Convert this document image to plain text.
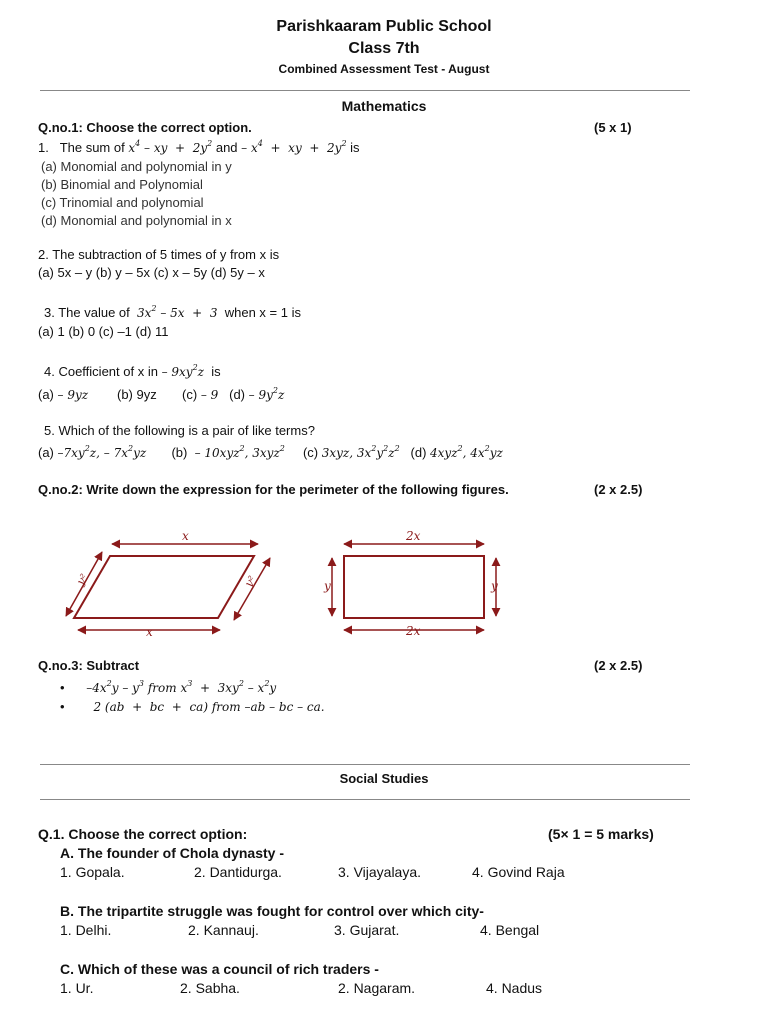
Parishkaaram Public School
Class 7th
Combined Assessment Test - August
Mathematics
Q.no.1: Choose the correct option.	(5 x 1)
1. The sum of $x^4$ – xy  +  $2y^2$ and – $x^4$  +  xy  +  $2y^2$ is
(a) Monomial and polynomial in y
(b) Binomial and Polynomial
(c) Trinomial and polynomial
(d) Monomial and polynomial in x
2. The subtraction of 5 times of y from x is
(a) 5x – y (b) y – 5x (c) x – 5y (d) 5y – x
3. The value of $3x^2 - 5x + 3$ when x = 1 is
(a) 1 (b) 0 (c) –1 (d) 11
4. Coefficient of x in – $9xy^2z$ is
(a) – 9yz (b) 9yz (c) – 9 $(d) - 9y^2z$
5. Which of the following is a pair of like terms?
(a) $-7xy^2z$, – $7x^2yz$ (b) – 10xyz$^2$, 3xyz$^2$ (c) 3xyz, $3x^2y^2z^2$ (d) 4xyz$^2$, $4x^2yz$
Q.no.2: Write down the expression for the perimeter of the following figures.	(2 x 2.5)
x
x
y²	y²
2x
2x
y	y
Q.no.3: Subtract	(2 x 2.5)
• $-4x^2y - y^3$ from $x^3 + 3xy^2 - x^2y$
• 2 (ab  +  bc  +  ca) from –ab – bc – ca.
Social Studies
Q.1. Choose the correct option:	(5× 1 = 5 marks)
A. The founder of Chola dynasty -
1. Gopala.	2. Dantidurga.	3. Vijayalaya.	4. Govind Raja
B. The tripartite struggle was fought for control over which city-
1. Delhi.	2. Kannauj.	3. Gujarat.	4. Bengal
C. Which of these was a council of rich traders -
1. Ur.	2. Sabha.	2. Nagaram.	4. Nadus
